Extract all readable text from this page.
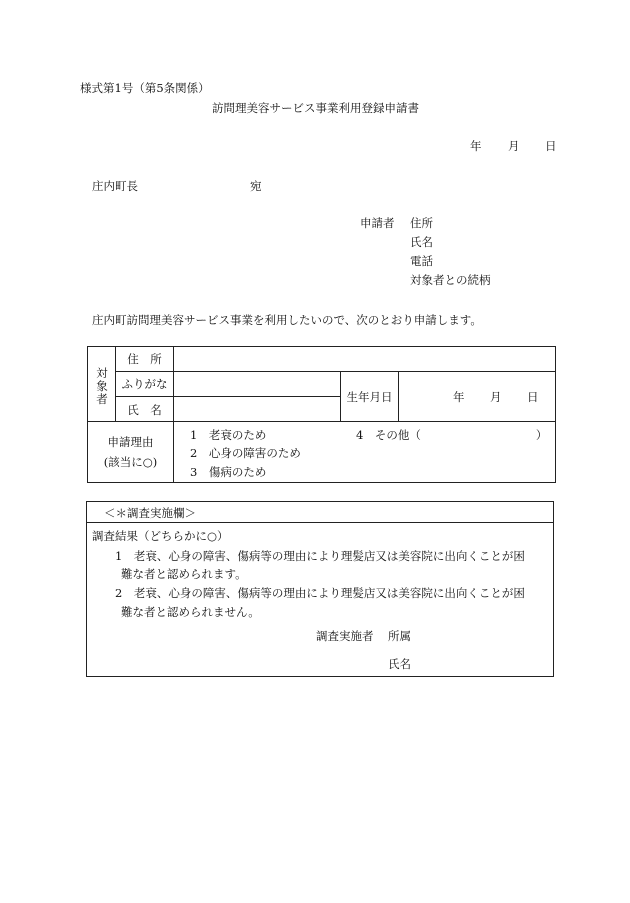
様式第1号（第5条関係）
訪問理美容サービス事業利用登録申請書
年 月 日
庄内町長	宛
申請者 住所
氏名
電話
対象者との続柄
庄内町訪問理美容サービス事業を利用したいので、次のとおり申請します。
対象者
住　所
ふりがな
氏　名
生年月日	年 月 日
申請理由
(該当に○)
1　老衰のため
2　心身の障害のため
3　傷病のため
4　その他（　　　　　　　　　　）
＜＊調査実施欄＞
調査結果（どちらかに○）
1　老衰、心身の障害、傷病等の理由により理髪店又は美容院に出向くことが困
難な者と認められます。
2　老衰、心身の障害、傷病等の理由により理髪店又は美容院に出向くことが困
難な者と認められません。
調査実施者 所属
氏名
